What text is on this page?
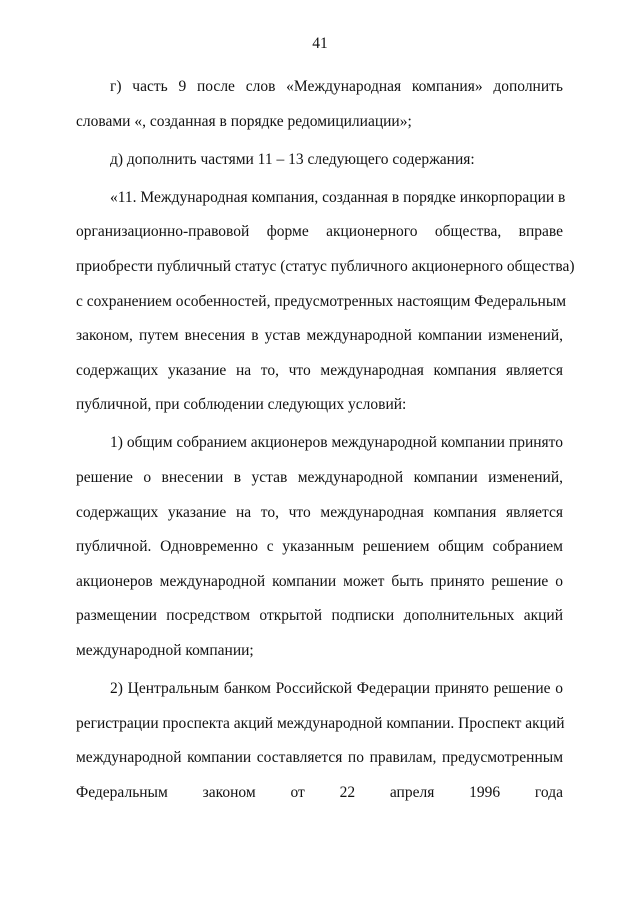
41
г) часть 9 после слов «Международная компания» дополнить
словами «, созданная в порядке редомицилиации»;
д) дополнить частями 11 – 13 следующего содержания:
«11. Международная компания, созданная в порядке инкорпорации в
организационно-правовой форме акционерного общества, вправе
приобрести публичный статус (статус публичного акционерного общества)
с сохранением особенностей, предусмотренных настоящим Федеральным
законом, путем внесения в устав международной компании изменений,
содержащих указание на то, что международная компания является
публичной, при соблюдении следующих условий:
1) общим собранием акционеров международной компании принято
решение о внесении в устав международной компании изменений,
содержащих указание на то, что международная компания является
публичной. Одновременно с указанным решением общим собранием
акционеров международной компании может быть принято решение о
размещении посредством открытой подписки дополнительных акций
международной компании;
2) Центральным банком Российской Федерации принято решение о
регистрации проспекта акций международной компании. Проспект акций
международной компании составляется по правилам, предусмотренным
Федеральным законом от 22 апреля 1996 года
